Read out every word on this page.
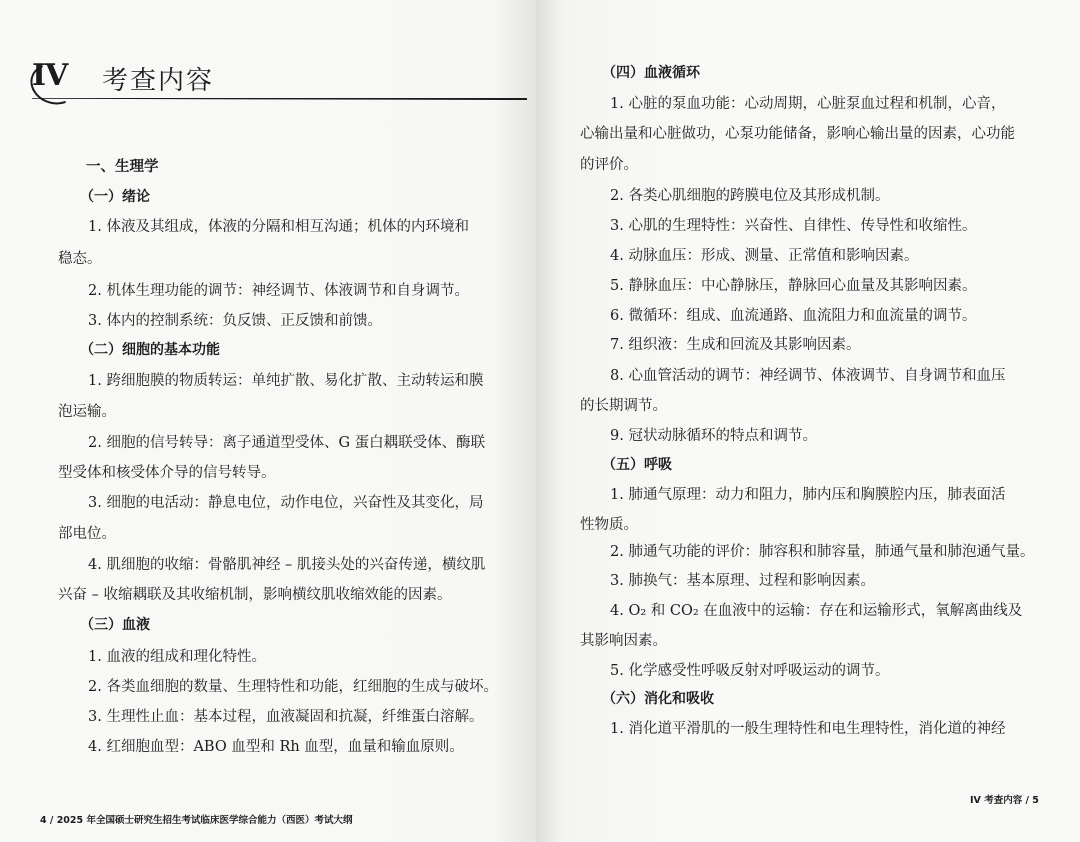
IV 考查内容
一、生理学
（一）绪论
1. 体液及其组成，体液的分隔和相互沟通；机体的内环境和
稳态。
2. 机体生理功能的调节：神经调节、体液调节和自身调节。
3. 体内的控制系统：负反馈、正反馈和前馈。
（二）细胞的基本功能
1. 跨细胞膜的物质转运：单纯扩散、易化扩散、主动转运和膜
泡运输。
2. 细胞的信号转导：离子通道型受体、G 蛋白耦联受体、酶联
型受体和核受体介导的信号转导。
3. 细胞的电活动：静息电位，动作电位，兴奋性及其变化，局
部电位。
4. 肌细胞的收缩：骨骼肌神经 – 肌接头处的兴奋传递，横纹肌
兴奋 – 收缩耦联及其收缩机制，影响横纹肌收缩效能的因素。
（三）血液
1. 血液的组成和理化特性。
2. 各类血细胞的数量、生理特性和功能，红细胞的生成与破坏。
3. 生理性止血：基本过程，血液凝固和抗凝，纤维蛋白溶解。
4. 红细胞血型：ABO 血型和 Rh 血型，血量和输血原则。
4 / 2025 年全国硕士研究生招生考试临床医学综合能力（西医）考试大纲
（四）血液循环
1. 心脏的泵血功能：心动周期，心脏泵血过程和机制，心音，
心输出量和心脏做功，心泵功能储备，影响心输出量的因素，心功能
的评价。
2. 各类心肌细胞的跨膜电位及其形成机制。
3. 心肌的生理特性：兴奋性、自律性、传导性和收缩性。
4. 动脉血压：形成、测量、正常值和影响因素。
5. 静脉血压：中心静脉压，静脉回心血量及其影响因素。
6. 微循环：组成、血流通路、血流阻力和血流量的调节。
7. 组织液：生成和回流及其影响因素。
8. 心血管活动的调节：神经调节、体液调节、自身调节和血压
的长期调节。
9. 冠状动脉循环的特点和调节。
（五）呼吸
1. 肺通气原理：动力和阻力，肺内压和胸膜腔内压，肺表面活
性物质。
2. 肺通气功能的评价：肺容积和肺容量，肺通气量和肺泡通气量。
3. 肺换气：基本原理、过程和影响因素。
4. O₂ 和 CO₂ 在血液中的运输：存在和运输形式，氧解离曲线及
其影响因素。
5. 化学感受性呼吸反射对呼吸运动的调节。
（六）消化和吸收
1. 消化道平滑肌的一般生理特性和电生理特性，消化道的神经
IV 考查内容 / 5
